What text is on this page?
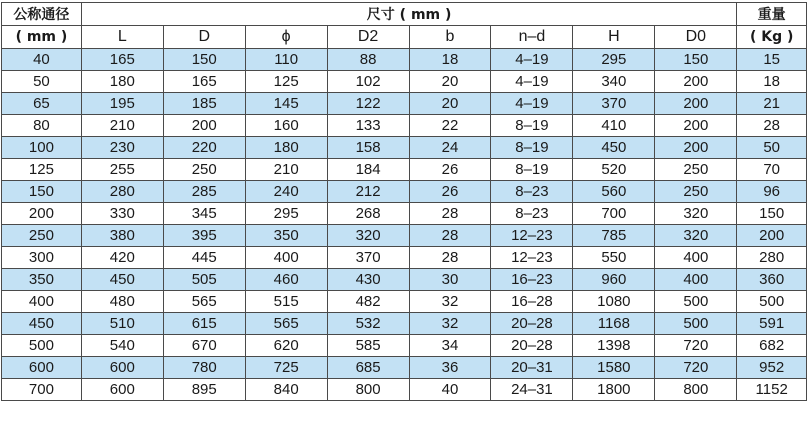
公称通径	尺寸 ( mm )								重量
( mm )	L	D	ϕ	D2	b	n–d	H	D0	( Kg )
40	165	150	110	88	18	4–19	295	150	15
50	180	165	125	102	20	4–19	340	200	18
65	195	185	145	122	20	4–19	370	200	21
80	210	200	160	133	22	8–19	410	200	28
100	230	220	180	158	24	8–19	450	200	50
125	255	250	210	184	26	8–19	520	250	70
150	280	285	240	212	26	8–23	560	250	96
200	330	345	295	268	28	8–23	700	320	150
250	380	395	350	320	28	12–23	785	320	200
300	420	445	400	370	28	12–23	550	400	280
350	450	505	460	430	30	16–23	960	400	360
400	480	565	515	482	32	16–28	1080	500	500
450	510	615	565	532	32	20–28	1168	500	591
500	540	670	620	585	34	20–28	1398	720	682
600	600	780	725	685	36	20–31	1580	720	952
700	600	895	840	800	40	24–31	1800	800	1152
